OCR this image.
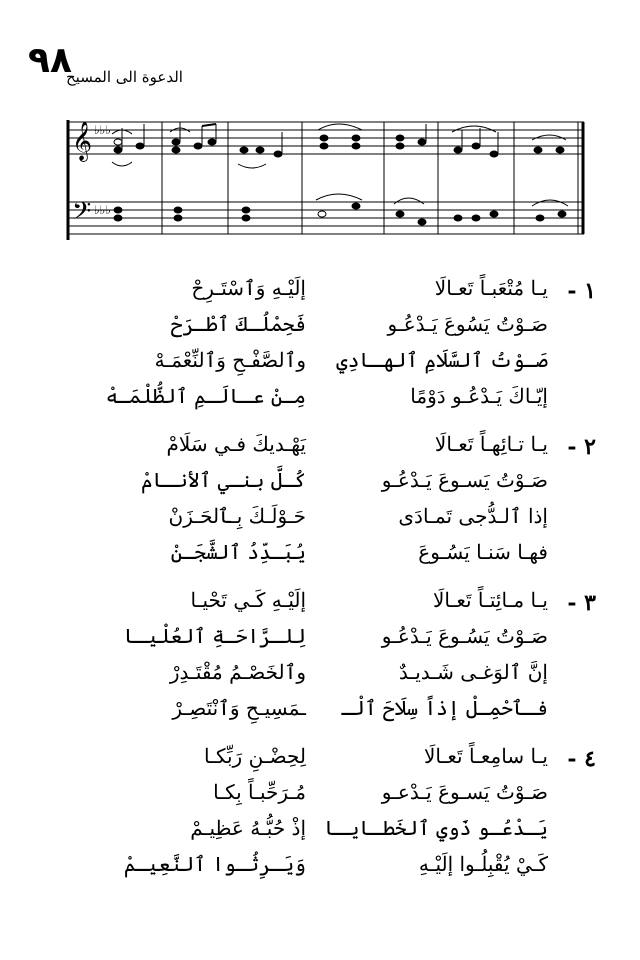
٩٨
الدعوة الى المسيح
𝄞
𝄢
♭♭♭
♭♭♭
١ -
يـا مُتْعَبـاً تَعـالَا
إلَيْـهِ وَٱسْتَـرِحْ
صَـوْتُ يَسُوعَ يَـدْعُـو
فَحِمْلُـكَ ٱطْـرَحْ
صَـوْتُ ٱلسَّلَامِ ٱلهـادِي
وٱلصَّفْـحِ وَٱلنِّعْمَـهْ
إيّـاكَ يَـدْعُـو دَوْمًا
مِـنْ عـالَـمِ ٱلظُّلْمَـهْ
٢ -
يـا تـائِهـاً تَعـالَا
يَهْـديكَ فـي سَلَامْ
صَـوْتُ يَسـوعَ يَـدْعُـو
كُـلَّ بنـي ٱلأنـامْ
إذا ٱلـدُّجى تَمـادَى
حَـوْلَـكَ بِـٱلحَـزَنْ
فهـا سَنـا يَسُـوعَ
يُبَـدِّدُ ٱلشَّجَـنْ
٣ -
يـا مـائِتـاً تَعـالَا
إلَيْـهِ كَـي تَحْيـا
صَـوْتُ يَسُـوعَ يَـدْعُـو
لِلـرَّاحَـةِ ٱلعُلْيـا
إنَّ ٱلوَغـى شَـديـدٌ
وٱلخَصْـمُ مُقْتَـدِرْ
فـٱحْمِـلْ إذاً سِلَاحَ ٱلْـ
ـمَسِيـحِ وَٱنْتَصِـرْ
٤ -
يـا سامِعـاً تَعـالَا
لِحِضْـنِ رَبِّكـا
صَـوْتُ يَسـوعَ يَـدْعـو
مُـرَحِّبـاً بِكـا
يَـدْعُـو ذَوي ٱلخَطـايـا
إذْ حُبُّـهُ عَظِيـمْ
كَـيْ يُقْبِلُـوا إلَيْـهِ
وَيَـرِثُـوا ٱلنَّعِيـمْ
